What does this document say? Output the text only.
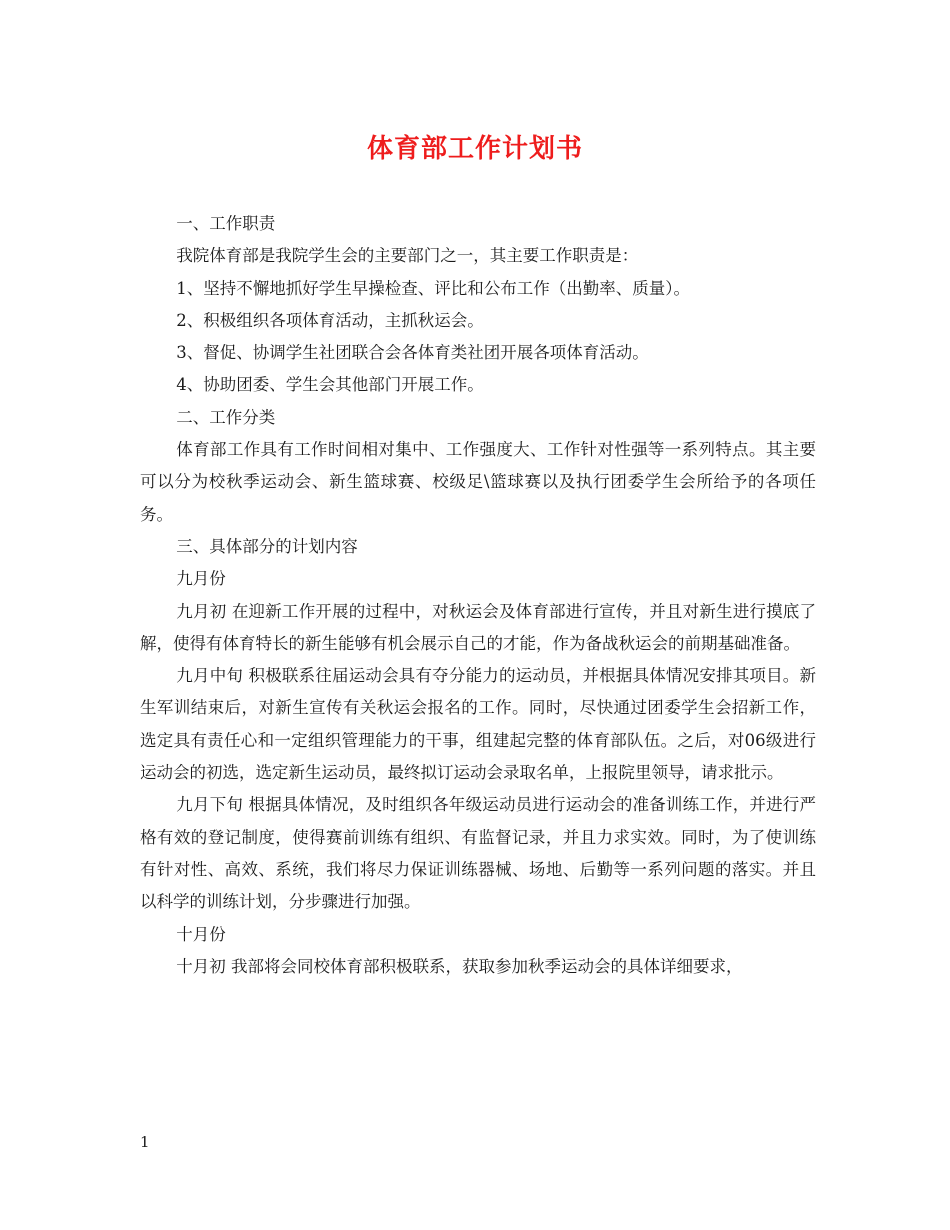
体育部工作计划书

一、工作职责

我院体育部是我院学生会的主要部门之一，其主要工作职责是：

1、坚持不懈地抓好学生早操检查、评比和公布工作（出勤率、质量）。

2、积极组织各项体育活动，主抓秋运会。

3、督促、协调学生社团联合会各体育类社团开展各项体育活动。

4、协助团委、学生会其他部门开展工作。

二、工作分类

体育部工作具有工作时间相对集中、工作强度大、工作针对性强等一系列特点。其主要可以分为校秋季运动会、新生篮球赛、校级足\篮球赛以及执行团委学生会所给予的各项任务。

三、具体部分的计划内容

九月份

九月初 在迎新工作开展的过程中，对秋运会及体育部进行宣传，并且对新生进行摸底了解，使得有体育特长的新生能够有机会展示自己的才能，作为备战秋运会的前期基础准备。

九月中旬 积极联系往届运动会具有夺分能力的运动员，并根据具体情况安排其项目。新生军训结束后，对新生宣传有关秋运会报名的工作。同时，尽快通过团委学生会招新工作，选定具有责任心和一定组织管理能力的干事，组建起完整的体育部队伍。之后，对06级进行运动会的初选，选定新生运动员，最终拟订运动会录取名单，上报院里领导，请求批示。

九月下旬 根据具体情况，及时组织各年级运动员进行运动会的准备训练工作，并进行严格有效的登记制度，使得赛前训练有组织、有监督记录，并且力求实效。同时，为了使训练有针对性、高效、系统，我们将尽力保证训练器械、场地、后勤等一系列问题的落实。并且以科学的训练计划，分步骤进行加强。

十月份

十月初 我部将会同校体育部积极联系，获取参加秋季运动会的具体详细要求，

1
